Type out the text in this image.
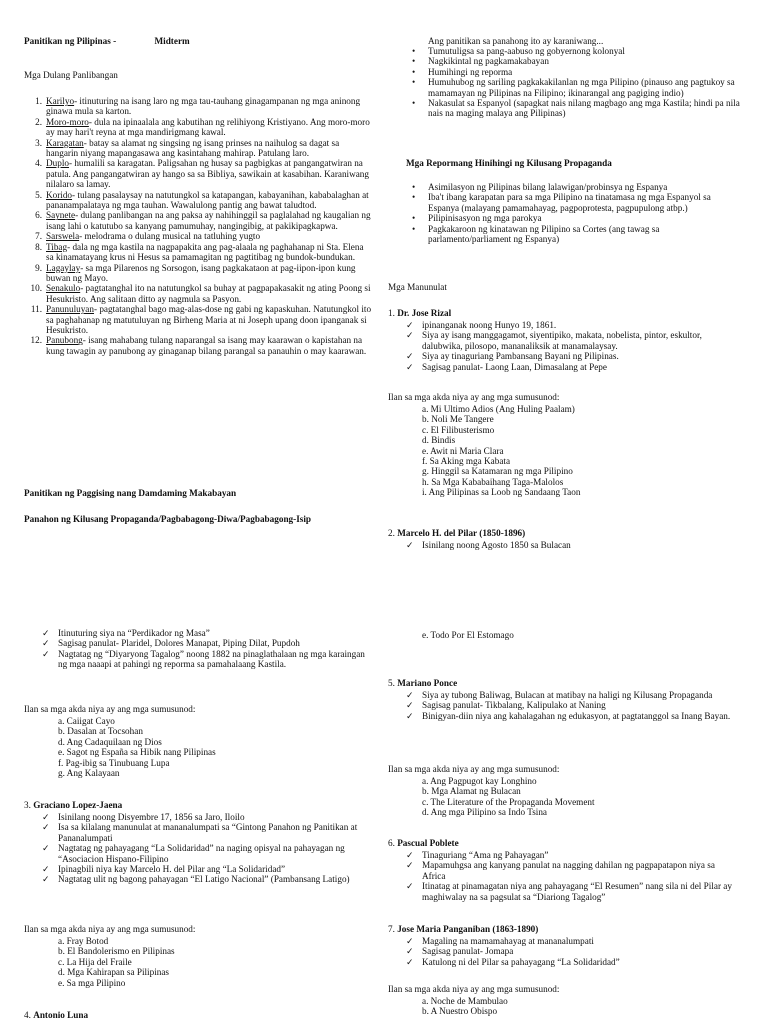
Panitikan ng Pilipinas -	Midterm
Mga Dulang Panlibangan
1. Karilyo- itinuturing na isang laro ng mga tau-tauhang ginagampanan ng mga aninong ginawa mula sa karton.
2. Moro-moro- dula na ipinaalala ang kabutihan ng relihiyong Kristiyano. Ang moro-moro ay may hari't reyna at mga mandirigmang kawal.
3. Karagatan- batay sa alamat ng singsing ng isang prinses na naihulog sa dagat sa hangarin niyang mapangasawa ang kasintahang mahirap. Patulang laro.
4. Duplo- humalili sa karagatan. Paligsahan ng husay sa pagbigkas at pangangatwiran na patula. Ang pangangatwiran ay hango sa sa Bibliya, sawikain at kasabihan. Karaniwang nilalaro sa lamay.
5. Korido- tulang pasalaysay na natutungkol sa katapangan, kabayanihan, kababalaghan at pananampalataya ng mga tauhan. Wawalulong pantig ang bawat taludtod.
6. Saynete- dulang panlibangan na ang paksa ay nahihinggil sa paglalahad ng kaugalian ng isang lahi o katutubo sa kanyang pamumuhay, nangingibig, at pakikipagkapwa.
7. Sarswela- melodrama o dulang musical na tatluhing yugto
8. Tibag- dala ng mga kastila na nagpapakita ang pag-alaala ng paghahanap ni Sta. Elena sa kinamatayang krus ni Hesus sa pamamagitan ng pagtitibag ng bundok-bundukan.
9. Lagaylay- sa mga Pilarenos ng Sorsogon, isang pagkakataon at pag-iipon-ipon kung buwan ng Mayo.
10. Senakulo- pagtatanghal ito na natutungkol sa buhay at pagpapakasakit ng ating Poong si Hesukristo. Ang salitaan ditto ay nagmula sa Pasyon.
11. Panunuluyan- pagtatanghal bago mag-alas-dose ng gabi ng kapaskuhan. Natutungkol ito sa paghahanap ng matutuluyan ng Birheng Maria at ni Joseph upang doon ipanganak si Hesukristo.
12. Panubong- isang mahabang tulang naparangal sa isang may kaarawan o kapistahan na kung tawagin ay panubong ay ginaganap bilang parangal sa panauhin o may kaarawan.
Panitikan ng Paggising nang Damdaming Makabayan
Panahon ng Kilusang Propaganda/Pagbabagong-Diwa/Pagbabagong-Isip
✓ Itinuturing siya na “Perdikador ng Masa”
✓ Sagisag panulat- Plaridel, Dolores Manapat, Piping Dilat, Pupdoh
✓ Nagtatag ng “Diyaryong Tagalog” noong 1882 na pinaglathalaan ng mga karaingan ng mga naaapi at pahingi ng reporma sa pamahalaang Kastila.
Ilan sa mga akda niya ay ang mga sumusunod:
a. Caiigat Cayo
b. Dasalan at Tocsohan
d. Ang Cadaquilaan ng Dios
e. Sagot ng España sa Hibik nang Pilipinas
f. Pag-ibig sa Tinubuang Lupa
g. Ang Kalayaan
3. Graciano Lopez-Jaena
✓ Isinilang noong Disyembre 17, 1856 sa Jaro, Iloilo
✓ Isa sa kilalang manunulat at mananalumpati sa “Gintong Panahon ng Panitikan at Pananalumpati
✓ Nagtatag ng pahayagang “La Solidaridad” na naging opisyal na pahayagan ng “Asociacion Hispano-Filipino
✓ Ipinagbili niya kay Marcelo H. del Pilar ang “La Solidaridad”
✓ Nagtatag ulit ng bagong pahayagan “El Latigo Nacional” (Pambansang Latigo)
Ilan sa mga akda niya ay ang mga sumusunod:
a. Fray Botod
b. El Bandolerismo en Pilipinas
c. La Hija del Fraile
d. Mga Kahirapan sa Pilipinas
e. Sa mga Pilipino
4. Antonio Luna
Ang panitikan sa panahong ito ay karaniwang...
• Tumutuligsa sa pang-aabuso ng gobyernong kolonyal
• Nagkikintal ng pagkamakabayan
• Humihingi ng reporma
• Humuhubog ng sariling pagkakakilanlan ng mga Pilipino (pinauso ang pagtukoy sa mamamayan ng Pilipinas na Filipino; ikinarangal ang pagiging indio)
• Nakasulat sa Espanyol (sapagkat nais nilang magbago ang mga Kastila; hindi pa nila nais na maging malaya ang Pilipinas)
Mga Repormang Hinihingi ng Kilusang Propaganda
• Asimilasyon ng Pilipinas bilang lalawigan/probinsya ng Espanya
• Iba't ibang karapatan para sa mga Pilipino na tinatamasa ng mga Espanyol sa Espanya (malayang pamamahayag, pagpoprotesta, pagpupulong atbp.)
• Pilipinisasyon ng mga parokya
• Pagkakaroon ng kinatawan ng Pilipino sa Cortes (ang tawag sa parlamento/parliament ng Espanya)
Mga Manunulat
1. Dr. Jose Rizal
✓ ipinanganak noong Hunyo 19, 1861.
✓ Siya ay isang manggagamot, siyentipiko, makata, nobelista, pintor, eskultor, dalubwika, pilosopo, mananaliksik at manamalaysay.
✓ Siya ay tinaguriang Pambansang Bayani ng Pilipinas.
✓ Sagisag panulat- Laong Laan, Dimasalang at Pepe
Ilan sa mga akda niya ay ang mga sumusunod:
a. Mi Ultimo Adios (Ang Huling Paalam)
b. Noli Me Tangere
c. El Filibusterismo
d. Bindis
e. Awit ni Maria Clara
f. Sa Aking mga Kabata
g. Hinggil sa Katamaran ng mga Pilipino
h. Sa Mga Kababaihang Taga-Malolos
i. Ang Pilipinas sa Loob ng Sandaang Taon
2. Marcelo H. del Pilar (1850-1896)
✓ Isinilang noong Agosto 1850 sa Bulacan
e. Todo Por El Estomago
5. Mariano Ponce
✓ Siya ay tubong Baliwag, Bulacan at matibay na haligi ng Kilusang Propaganda
✓ Sagisag panulat- Tikbalang, Kalipulako at Naning
✓ Binigyan-diin niya ang kahalagahan ng edukasyon, at pagtatanggol sa Inang Bayan.
Ilan sa mga akda niya ay ang mga sumusunod:
a. Ang Pagpugot kay Longhino
b. Mga Alamat ng Bulacan
c. The Literature of the Propaganda Movement
d. Ang mga Pilipino sa Indo Tsina
6. Pascual Poblete
✓ Tinaguriang “Ama ng Pahayagan”
✓ Mapamuhgsa ang kanyang panulat na nagging dahilan ng pagpapatapon niya sa Africa
✓ Itinatag at pinamagatan niya ang pahayagang “El Resumen” nang sila ni del Pilar ay maghiwalay na sa pagsulat sa “Diariong Tagalog”
7. Jose Maria Panganiban (1863-1890)
✓ Magaling na mamamahayag at mananalumpati
✓ Sagisag panulat- Jomapa
✓ Katulong ni del Pilar sa pahayagang “La Solidaridad”
Ilan sa mga akda niya ay ang mga sumusunod:
a. Noche de Mambulao
b. A Nuestro Obispo
